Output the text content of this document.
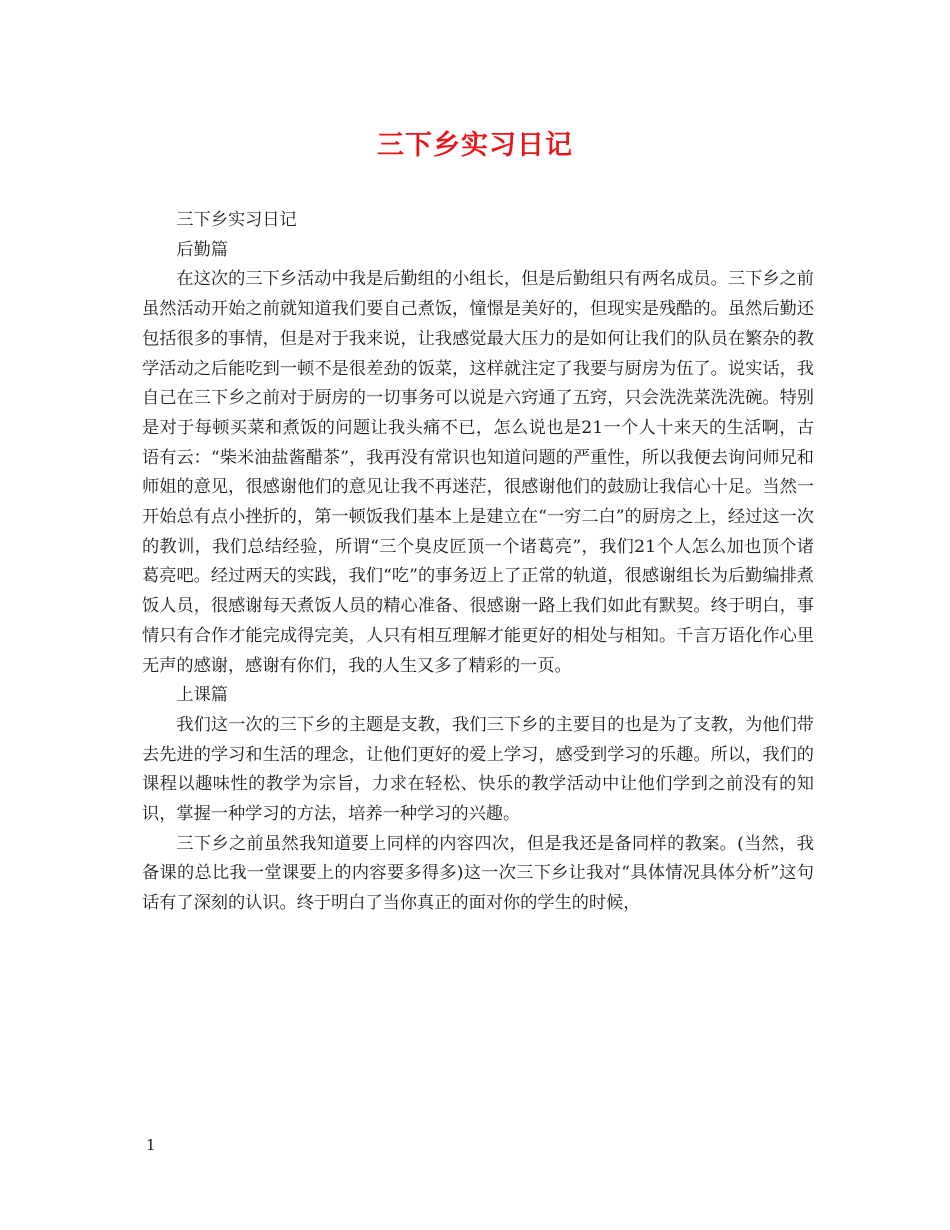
三下乡实习日记

三下乡实习日记

后勤篇

在这次的三下乡活动中我是后勤组的小组长，但是后勤组只有两名成员。三下乡之前虽然活动开始之前就知道我们要自己煮饭，憧憬是美好的，但现实是残酷的。虽然后勤还包括很多的事情，但是对于我来说，让我感觉最大压力的是如何让我们的队员在繁杂的教学活动之后能吃到一顿不是很差劲的饭菜，这样就注定了我要与厨房为伍了。说实话，我自己在三下乡之前对于厨房的一切事务可以说是六窍通了五窍，只会洗洗菜洗洗碗。特别是对于每顿买菜和煮饭的问题让我头痛不已，怎么说也是21一个人十来天的生活啊，古语有云：“柴米油盐酱醋茶”，我再没有常识也知道问题的严重性，所以我便去询问师兄和师姐的意见，很感谢他们的意见让我不再迷茫，很感谢他们的鼓励让我信心十足。当然一开始总有点小挫折的，第一顿饭我们基本上是建立在“一穷二白”的厨房之上，经过这一次的教训，我们总结经验，所谓“三个臭皮匠顶一个诸葛亮”，我们21个人怎么加也顶个诸葛亮吧。经过两天的实践，我们“吃”的事务迈上了正常的轨道，很感谢组长为后勤编排煮饭人员，很感谢每天煮饭人员的精心准备、很感谢一路上我们如此有默契。终于明白，事情只有合作才能完成得完美，人只有相互理解才能更好的相处与相知。千言万语化作心里无声的感谢，感谢有你们，我的人生又多了精彩的一页。

上课篇

我们这一次的三下乡的主题是支教，我们三下乡的主要目的也是为了支教，为他们带去先进的学习和生活的理念，让他们更好的爱上学习，感受到学习的乐趣。所以，我们的课程以趣味性的教学为宗旨，力求在轻松、快乐的教学活动中让他们学到之前没有的知识，掌握一种学习的方法，培养一种学习的兴趣。

三下乡之前虽然我知道要上同样的内容四次，但是我还是备同样的教案。(当然，我备课的总比我一堂课要上的内容要多得多)这一次三下乡让我对“具体情况具体分析”这句话有了深刻的认识。终于明白了当你真正的面对你的学生的时候，

1
